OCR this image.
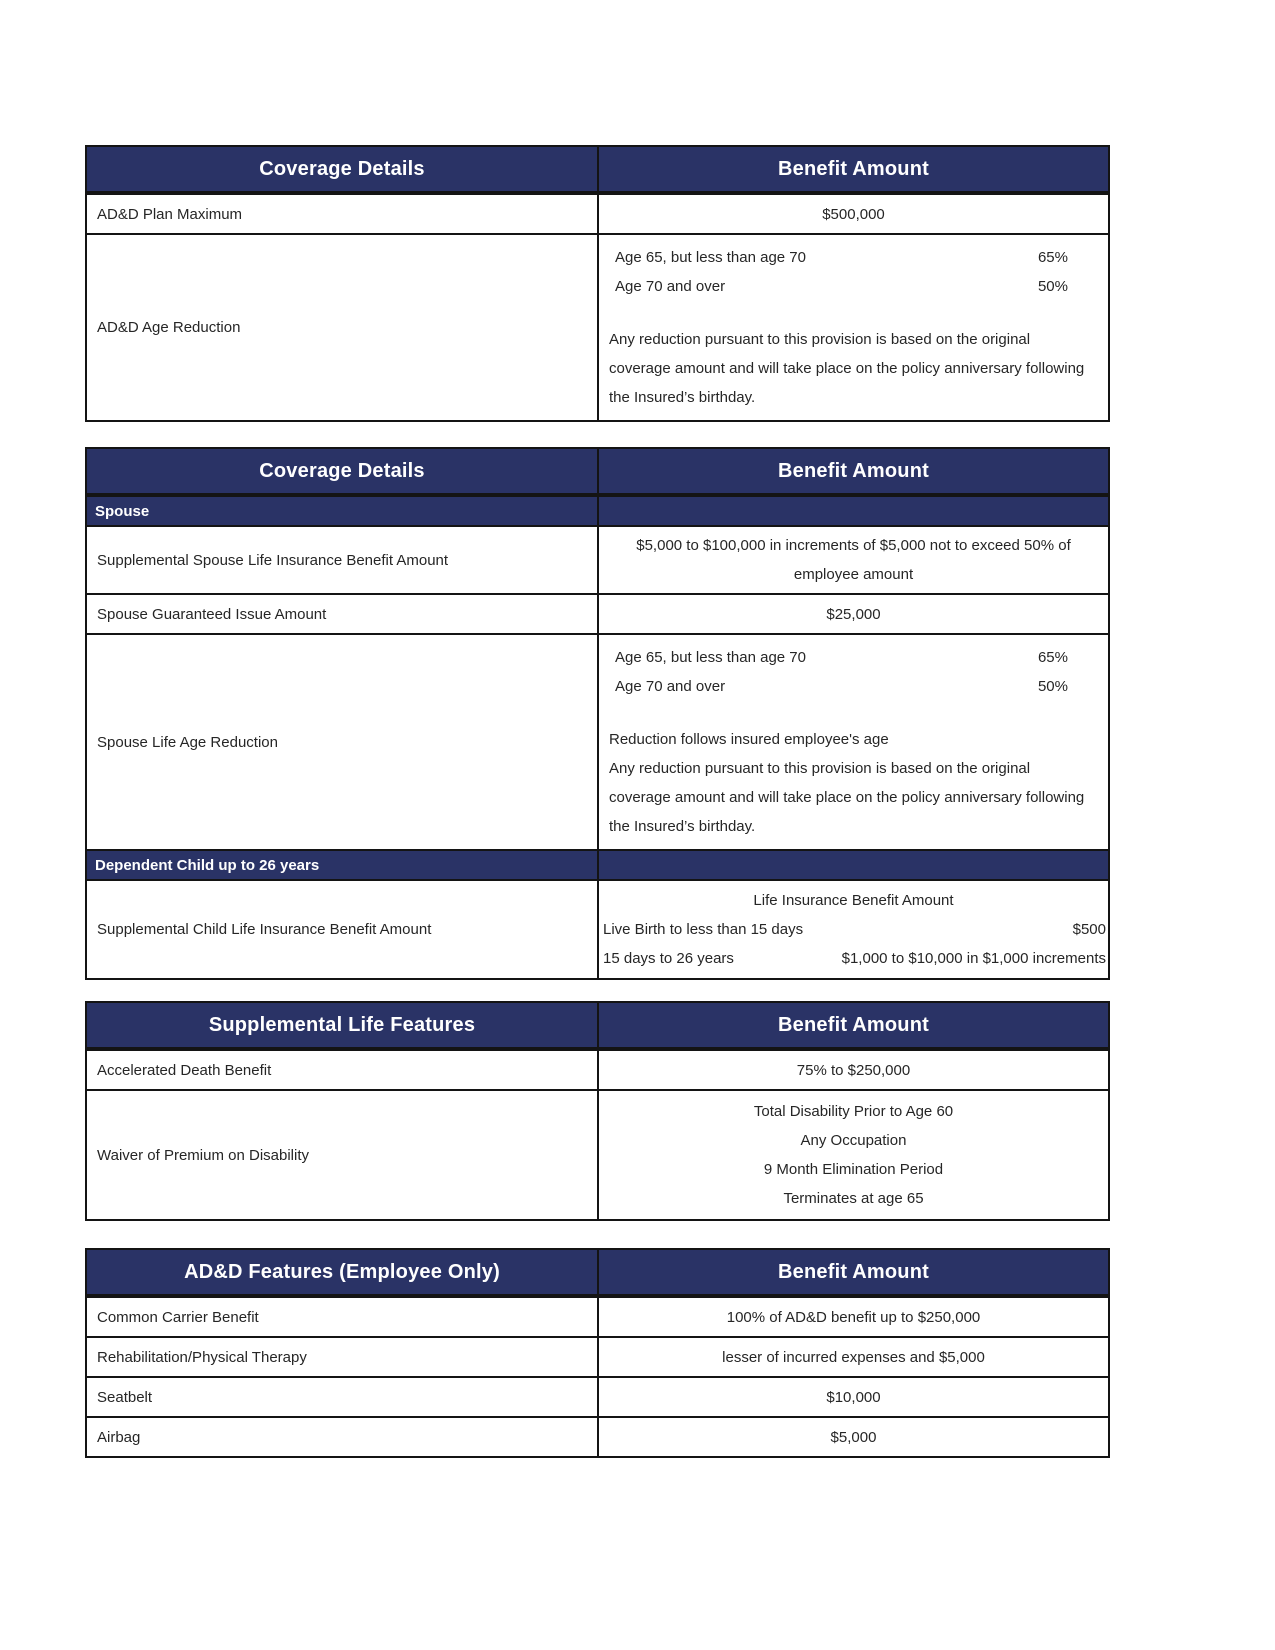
Coverage Details	Benefit Amount
AD&D Plan Maximum	$500,000
AD&D Age Reduction	Age 65, but less than age 70 65%
Age 70 and over 50%
Any reduction pursuant to this provision is based on the original coverage amount and will take place on the policy anniversary following the Insured’s birthday.
Coverage Details	Benefit Amount
Spouse	
Supplemental Spouse Life Insurance Benefit Amount	$5,000 to $100,000 in increments of $5,000 not to exceed 50% of employee amount
Spouse Guaranteed Issue Amount	$25,000
Spouse Life Age Reduction	
Age 65, but less than age 70	65%
Age 70 and over	50%
Reduction follows insured employee's age
Any reduction pursuant to this provision is based on the original coverage amount and will take place on the policy anniversary following the Insured’s birthday.

Dependent Child up to 26 years	
Supplemental Child Life Insurance Benefit Amount	Life Insurance Benefit Amount
Live Birth to less than 15 days $500
15 days to 26 years $1,000 to $10,000 in $1,000 increments
Supplemental Life Features	Benefit Amount
Accelerated Death Benefit	75% to $250,000
Waiver of Premium on Disability	Total Disability Prior to Age 60
Any Occupation
9 Month Elimination Period
Terminates at age 65
AD&D Features (Employee Only)	Benefit Amount
Common Carrier Benefit	100% of AD&D benefit up to $250,000
Rehabilitation/Physical Therapy	lesser of incurred expenses and $5,000
Seatbelt	$10,000
Airbag	$5,000
